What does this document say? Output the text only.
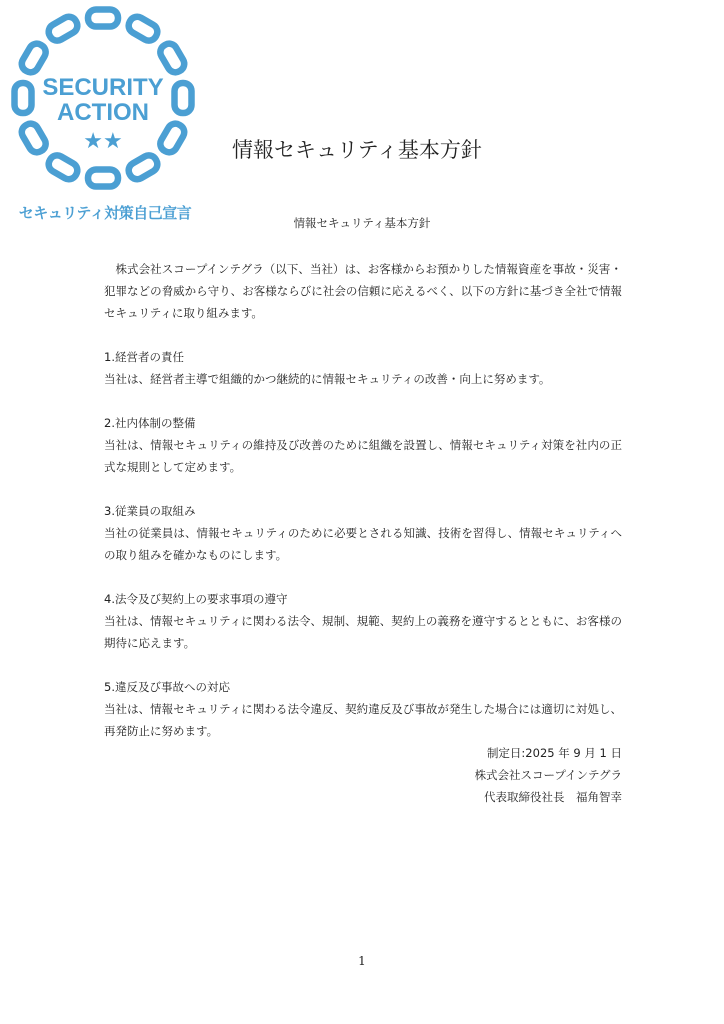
SECURITY
ACTION
★★
セキュリティ対策自己宣言
情報セキュリティ基本方針
情報セキュリティ基本方針

株式会社スコープインテグラ（以下、当社）は、お客様からお預かりした情報資産を事故・災害・犯罪などの脅威から守り、お客様ならびに社会の信頼に応えるべく、以下の方針に基づき全社で情報セキュリティに取り組みます。

1.経営者の責任

当社は、経営者主導で組織的かつ継続的に情報セキュリティの改善・向上に努めます。

2.社内体制の整備

当社は、情報セキュリティの維持及び改善のために組織を設置し、情報セキュリティ対策を社内の正式な規則として定めます。

3.従業員の取組み

当社の従業員は、情報セキュリティのために必要とされる知識、技術を習得し、情報セキュリティへの取り組みを確かなものにします。

4.法令及び契約上の要求事項の遵守

当社は、情報セキュリティに関わる法令、規制、規範、契約上の義務を遵守するとともに、お客様の期待に応えます。

5.違反及び事故への対応

当社は、情報セキュリティに関わる法令違反、契約違反及び事故が発生した場合には適切に対処し、再発防止に努めます。

制定日:2025 年 9 月 1 日
株式会社スコープインテグラ
代表取締役社長　福角智幸
1
